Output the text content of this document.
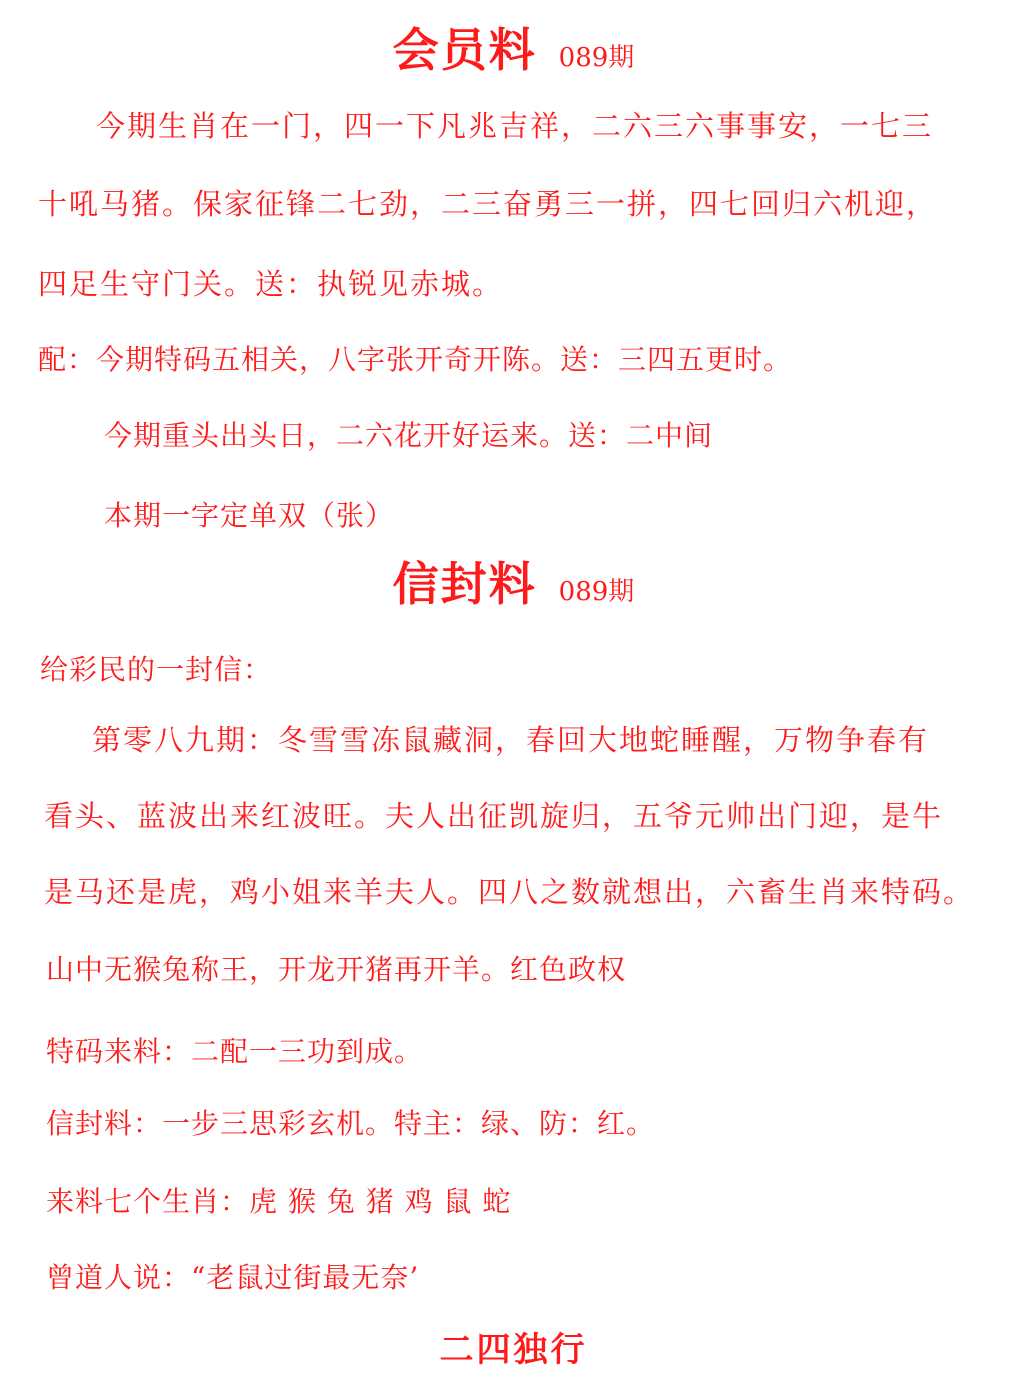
会员料 089期
今期生肖在一门，四一下凡兆吉祥，二六三六事事安，一七三
十吼马猪。保家征锋二七劲，二三奋勇三一拼，四七回归六机迎，
四足生守门关。送：执锐见赤城。
配：今期特码五相关，八字张开奇开陈。送：三四五更时。
今期重头出头日，二六花开好运来。送：二中间
本期一字定单双（张）
信封料 089期
给彩民的一封信：
第零八九期：冬雪雪冻鼠藏洞，春回大地蛇睡醒，万物争春有
看头、蓝波出来红波旺。夫人出征凯旋归，五爷元帅出门迎，是牛
是马还是虎，鸡小姐来羊夫人。四八之数就想出，六畜生肖来特码。
山中无猴兔称王，开龙开猪再开羊。红色政权
特码来料：二配一三功到成。
信封料：一步三思彩玄机。特主：绿、防：红。
来料七个生肖：虎 猴 兔 猪 鸡 鼠 蛇
曾道人说：“老鼠过街最无奈’
二四独行
